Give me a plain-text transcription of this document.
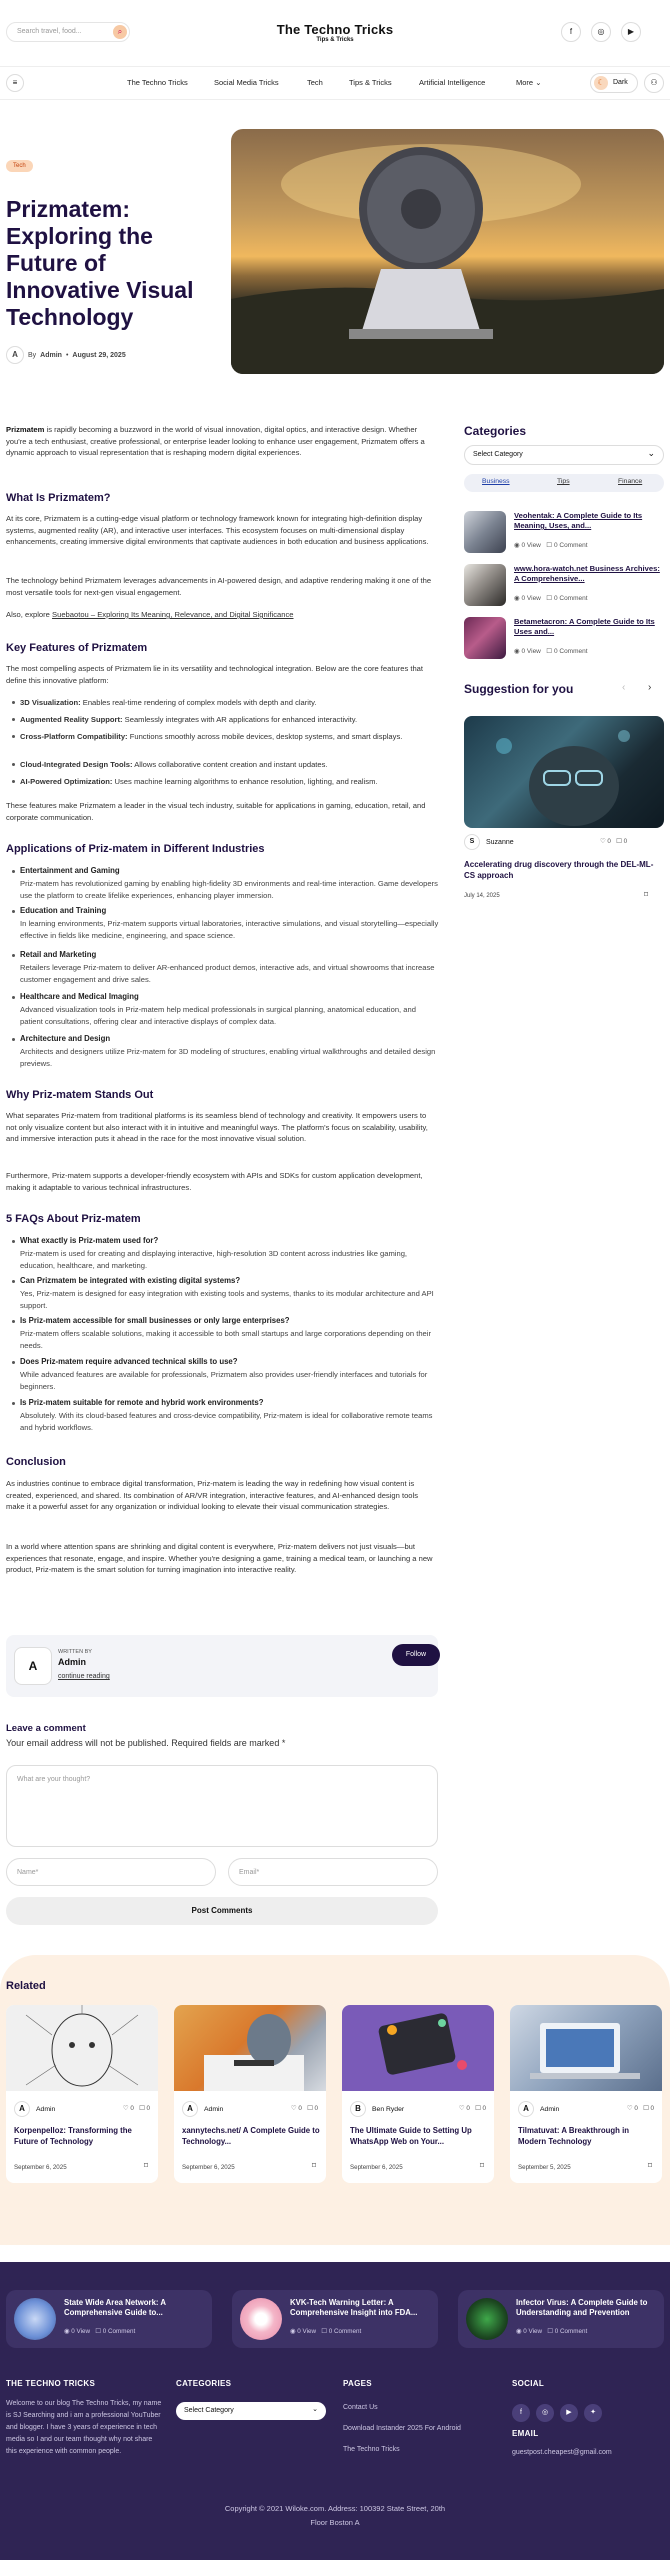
Search travel, food...	⌕	The Techno Tricks
Tips & Tricks
f	◎	▶
≡	The Techno Tricks	Social Media Tricks	Tech	Tips & Tricks	Artificial Intelligence	More ⌄	☾	Dark	⚇
Tech
Prizmatem: Exploring the Future of Innovative Visual Technology
A	By Admin • August 29, 2025
Prizmatem is rapidly becoming a buzzword in the world of visual innovation, digital optics, and interactive design. Whether you're a tech enthusiast, creative professional, or enterprise leader looking to enhance user engagement, Prizmatem offers a dynamic approach to visual representation that is reshaping modern digital experiences.
What Is Prizmatem?
At its core, Prizmatem is a cutting-edge visual platform or technology framework known for integrating high-definition display systems, augmented reality (AR), and interactive user interfaces. This ecosystem focuses on multi-dimensional display enhancements, creating immersive digital environments that captivate audiences in both education and business applications.
The technology behind Prizmatem leverages advancements in AI-powered design, and adaptive rendering making it one of the most versatile tools for next-gen visual engagement.
Also, explore Suebaotou – Exploring Its Meaning, Relevance, and Digital Significance
Key Features of Prizmatem
The most compelling aspects of Prizmatem lie in its versatility and technological integration. Below are the core features that define this innovative platform:
3D Visualization: Enables real-time rendering of complex models with depth and clarity.
Augmented Reality Support: Seamlessly integrates with AR applications for enhanced interactivity.
Cross-Platform Compatibility: Functions smoothly across mobile devices, desktop systems, and smart displays.
Cloud-Integrated Design Tools: Allows collaborative content creation and instant updates.
AI-Powered Optimization: Uses machine learning algorithms to enhance resolution, lighting, and realism.
These features make Prizmatem a leader in the visual tech industry, suitable for applications in gaming, education, retail, and corporate communication.
Applications of Priz-matem in Different Industries
Entertainment and Gaming
Priz-matem has revolutionized gaming by enabling high-fidelity 3D environments and real-time interaction. Game developers use the platform to create lifelike experiences, enhancing player immersion.
Education and Training
In learning environments, Priz-matem supports virtual laboratories, interactive simulations, and visual storytelling—especially effective in fields like medicine, engineering, and space science.
Retail and Marketing
Retailers leverage Priz-matem to deliver AR-enhanced product demos, interactive ads, and virtual showrooms that increase customer engagement and drive sales.
Healthcare and Medical Imaging
Advanced visualization tools in Priz-matem help medical professionals in surgical planning, anatomical education, and patient consultations, offering clear and interactive displays of complex data.
Architecture and Design
Architects and designers utilize Priz-matem for 3D modeling of structures, enabling virtual walkthroughs and detailed design previews.
Why Priz-matem Stands Out
What separates Priz-matem from traditional platforms is its seamless blend of technology and creativity. It empowers users to not only visualize content but also interact with it in intuitive and meaningful ways. The platform's focus on scalability, usability, and immersive interaction puts it ahead in the race for the most innovative visual solution.
Furthermore, Priz-matem supports a developer-friendly ecosystem with APIs and SDKs for custom application development, making it adaptable to various technical infrastructures.
5 FAQs About Priz-matem
What exactly is Priz-matem used for?
Priz-matem is used for creating and displaying interactive, high-resolution 3D content across industries like gaming, education, healthcare, and marketing.
Can Prizmatem be integrated with existing digital systems?
Yes, Priz-matem is designed for easy integration with existing tools and systems, thanks to its modular architecture and API support.
Is Priz-matem accessible for small businesses or only large enterprises?
Priz-matem offers scalable solutions, making it accessible to both small startups and large corporations depending on their needs.
Does Priz-matem require advanced technical skills to use?
While advanced features are available for professionals, Prizmatem also provides user-friendly interfaces and tutorials for beginners.
Is Priz-matem suitable for remote and hybrid work environments?
Absolutely. With its cloud-based features and cross-device compatibility, Priz-matem is ideal for collaborative remote teams and hybrid workflows.
Conclusion
As industries continue to embrace digital transformation, Priz-matem is leading the way in redefining how visual content is created, experienced, and shared. Its combination of AR/VR integration, interactive features, and AI-enhanced design tools make it a powerful asset for any organization or individual looking to elevate their visual communication strategies.
In a world where attention spans are shrinking and digital content is everywhere, Priz-matem delivers not just visuals—but experiences that resonate, engage, and inspire. Whether you're designing a game, training a medical team, or launching a new product, Priz-matem is the smart solution for turning imagination into interactive reality.
A
WRITTEN BY
Admin
continue reading
Follow
Leave a comment
Your email address will not be published. Required fields are marked *
What are your thought?
Name*	Email*
Post Comments
Categories
Select Category ⌄
Business	Tips	Finance
Veohentak: A Complete Guide to Its Meaning, Uses, and...
◉ 0 View   ☐ 0 Comment
www.hora-watch.net Business Archives: A Comprehensive...
◉ 0 View   ☐ 0 Comment
Betametacron: A Complete Guide to Its Uses and...
◉ 0 View   ☐ 0 Comment
Suggestion for you	‹ ›
S	Suzanne	♡ 0   ☐ 0
Accelerating drug discovery through the DEL-ML-CS approach
July 14, 2025	⌑
Related
A	Admin	♡ 0   ☐ 0
Korpenpelloz: Transforming the Future of Technology
September 6, 2025	⌑
A	Admin	♡ 0   ☐ 0
xannytechs.net/ A Complete Guide to Technology...
September 6, 2025	⌑
B	Ben Ryder	♡ 0   ☐ 0
The Ultimate Guide to Setting Up WhatsApp Web on Your...
September 6, 2025	⌑
A	Admin	♡ 0   ☐ 0
Tilmatuvat: A Breakthrough in Modern Technology
September 5, 2025	⌑
State Wide Area Network: A Comprehensive Guide to...
◉ 0 View   ☐ 0 Comment
KVK-Tech Warning Letter: A Comprehensive Insight into FDA...
◉ 0 View   ☐ 0 Comment
Infector Virus: A Complete Guide to Understanding and Prevention
◉ 0 View   ☐ 0 Comment
THE TECHNO TRICKS
Welcome to our blog The Techno Tricks, my name is SJ Searching and i am a professional YouTuber and blogger. I have 3 years of experience in tech media so I and our team thought why not share this experience with common people.
CATEGORIES
Select Category	⌄
PAGES
Contact Us
Download Instander 2025 For Android
The Techno Tricks
SOCIAL
f	◎	▶	✦
EMAIL
guestpost.cheapest@gmail.com
Copyright © 2021 Wiloke.com. Address: 100392 State Street, 20th
Floor Boston A
